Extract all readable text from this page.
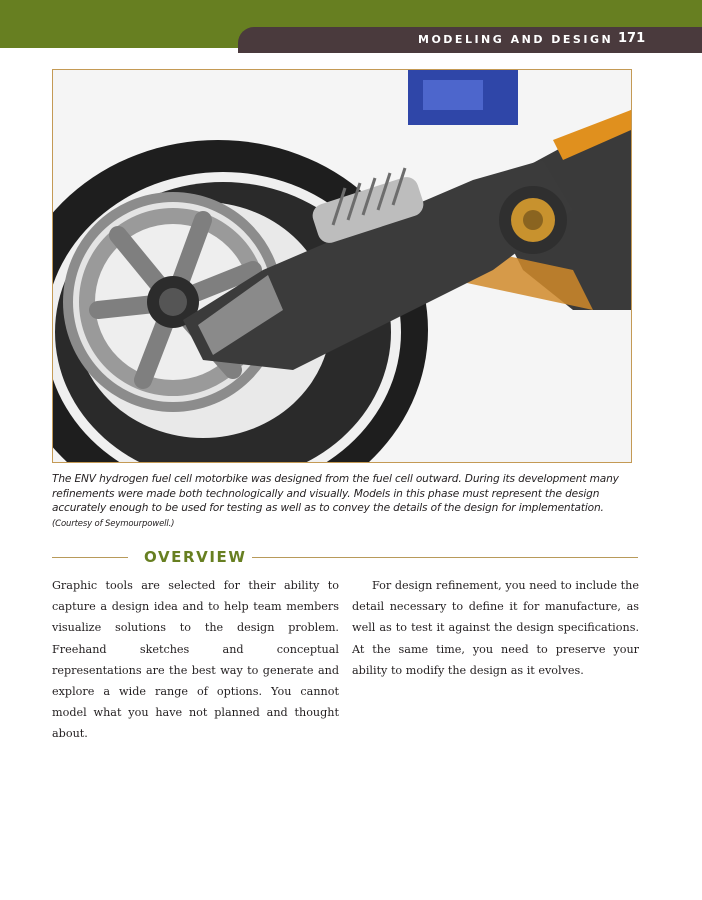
MODELING AND DESIGN 171
The ENV hydrogen fuel cell motorbike was designed from the fuel cell outward. During its development many refinements were made both technologically and visually. Models in this phase must represent the design accurately enough to be used for testing as well as to convey the details of the design for implementation. (Courtesy of Seymourpowell.)
OVERVIEW

Graphic tools are selected for their ability to capture a design idea and to help team members visualize solutions to the design problem. Freehand sketches and conceptual representations are the best way to generate and explore a wide range of options. You cannot model what you have not planned and thought about.

For design refinement, you need to include the detail necessary to define it for manufacture, as well as to test it against the design specifications. At the same time, you need to preserve your ability to modify the design as it evolves.
